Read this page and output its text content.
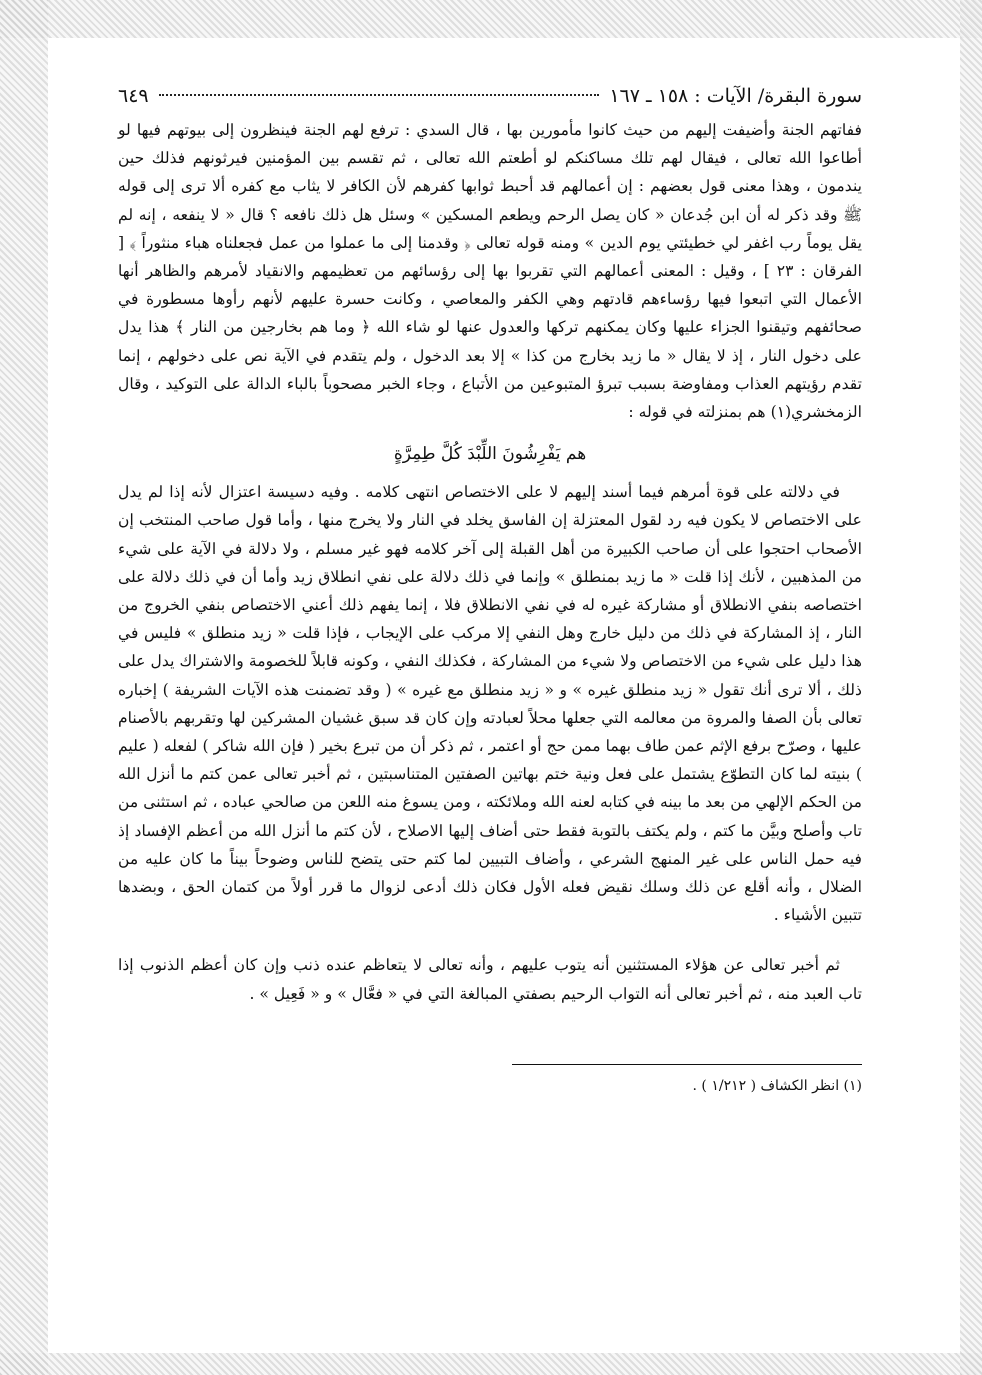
سورة البقرة/ الآيات : ١٥٨ ـ ١٦٧
٦٤٩

ففاتهم الجنة وأضيفت إليهم من حيث كانوا مأمورين بها ، قال السدي : ترفع لهم الجنة فينظرون إلى بيوتهم فيها لو أطاعوا الله تعالى ، فيقال لهم تلك مساكنكم لو أطعتم الله تعالى ، ثم تقسم بين المؤمنين فيرثونهم فذلك حين يندمون ، وهذا معنى قول بعضهم : إن أعمالهم قد أحبط ثوابها كفرهم لأن الكافر لا يثاب مع كفره ألا ترى إلى قوله ﷺ وقد ذكر له أن ابن جُدعان « كان يصل الرحم ويطعم المسكين » وسئل هل ذلك نافعه ؟ قال « لا ينفعه ، إنه لم يقل يوماً رب اغفر لي خطيئتي يوم الدين » ومنه قوله تعالى ﴿ وقدمنا إلى ما عملوا من عمل فجعلناه هباء منثوراً ﴾ [ الفرقان : ٢٣ ] ، وقيل : المعنى أعمالهم التي تقربوا بها إلى رؤسائهم من تعظيمهم والانقياد لأمرهم والظاهر أنها الأعمال التي اتبعوا فيها رؤساءهم قادتهم وهي الكفر والمعاصي ، وكانت حسرة عليهم لأنهم رأوها مسطورة في صحائفهم وتيقنوا الجزاء عليها وكان يمكنهم تركها والعدول عنها لو شاء الله ﴿ وما هم بخارجين من النار ﴾ هذا يدل على دخول النار ، إذ لا يقال « ما زيد بخارج من كذا » إلا بعد الدخول ، ولم يتقدم في الآية نص على دخولهم ، إنما تقدم رؤيتهم العذاب ومفاوضة بسبب تبرؤ المتبوعين من الأتباع ، وجاء الخبر مصحوباً بالباء الدالة على التوكيد ، وقال الزمخشري(١) هم بمنزلته في قوله :

هم يَفْرِشُونَ اللِّبْدَ كُلَّ طِمِرَّةٍ

في دلالته على قوة أمرهم فيما أسند إليهم لا على الاختصاص انتهى كلامه . وفيه دسيسة اعتزال لأنه إذا لم يدل على الاختصاص لا يكون فيه رد لقول المعتزلة إن الفاسق يخلد في النار ولا يخرج منها ، وأما قول صاحب المنتخب إن الأصحاب احتجوا على أن صاحب الكبيرة من أهل القبلة إلى آخر كلامه فهو غير مسلم ، ولا دلالة في الآية على شيء من المذهبين ، لأنك إذا قلت « ما زيد بمنطلق » وإنما في ذلك دلالة على نفي انطلاق زيد وأما أن في ذلك دلالة على اختصاصه بنفي الانطلاق أو مشاركة غيره له في نفي الانطلاق فلا ، إنما يفهم ذلك أعني الاختصاص بنفي الخروج من النار ، إذ المشاركة في ذلك من دليل خارج وهل النفي إلا مركب على الإيجاب ، فإذا قلت « زيد منطلق » فليس في هذا دليل على شيء من الاختصاص ولا شيء من المشاركة ، فكذلك النفي ، وكونه قابلاً للخصومة والاشتراك يدل على ذلك ، ألا ترى أنك تقول « زيد منطلق غيره » و « زيد منطلق مع غيره » ( وقد تضمنت هذه الآيات الشريفة ) إخباره تعالى بأن الصفا والمروة من معالمه التي جعلها محلاً لعبادته وإن كان قد سبق غشيان المشركين لها وتقربهم بالأصنام عليها ، وصرّح برفع الإثم عمن طاف بهما ممن حج أو اعتمر ، ثم ذكر أن من تبرع بخير ( فإن الله شاكر ) لفعله ( عليم ) بنيته لما كان التطوّع يشتمل على فعل ونية ختم بهاتين الصفتين المتناسبتين ، ثم أخبر تعالى عمن كتم ما أنزل الله من الحكم الإلهي من بعد ما بينه في كتابه لعنه الله وملائكته ، ومن يسوغ منه اللعن من صالحي عباده ، ثم استثنى من تاب وأصلح وبيَّن ما كتم ، ولم يكتف بالتوبة فقط حتى أضاف إليها الاصلاح ، لأن كتم ما أنزل الله من أعظم الإفساد إذ فيه حمل الناس على غير المنهج الشرعي ، وأضاف التبيين لما كتم حتى يتضح للناس وضوحاً بيناً ما كان عليه من الضلال ، وأنه أقلع عن ذلك وسلك نقيض فعله الأول فكان ذلك أدعى لزوال ما قرر أولاً من كتمان الحق ، وبضدها تتبين الأشياء .

ثم أخبر تعالى عن هؤلاء المستثنين أنه يتوب عليهم ، وأنه تعالى لا يتعاظم عنده ذنب وإن كان أعظم الذنوب إذا تاب العبد منه ، ثم أخبر تعالى أنه التواب الرحيم بصفتي المبالغة التي في « فعَّال » و « فَعِيل » .

(١) انظر الكشاف ( ١/٢١٢ ) .
